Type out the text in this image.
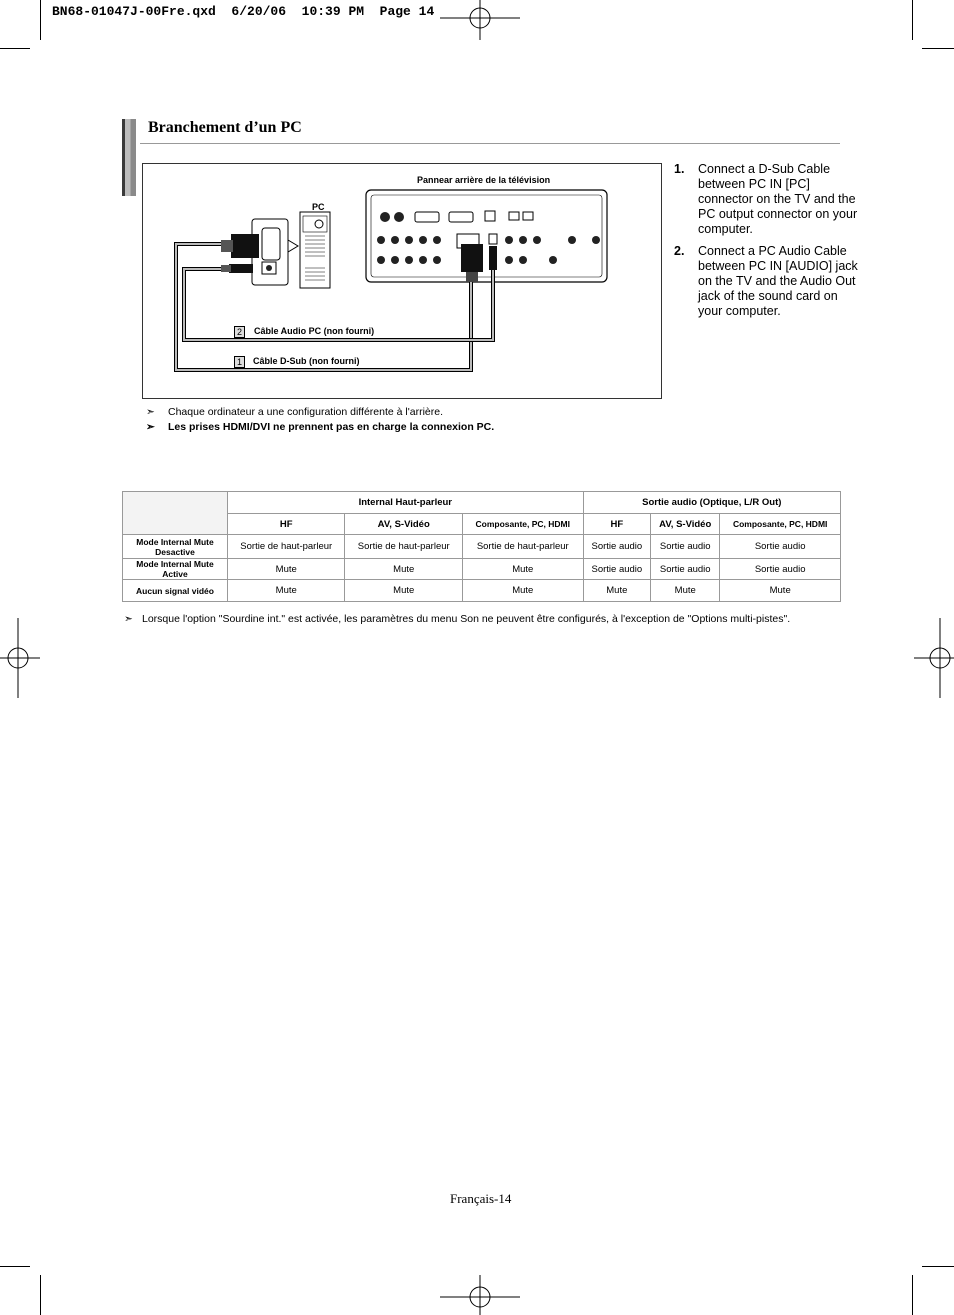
BN68-01047J-00Fre.qxd  6/20/06  10:39 PM  Page 14
Branchement d’un PC
Pannear arrière de la télévision
PC
2	Câble Audio PC (non fourni)
1	Câble D-Sub (non fourni)
1.	Connect a D-Sub Cable between PC IN [PC] connector on the TV and the PC output connector on your computer.
2.	Connect a PC Audio Cable between PC IN [AUDIO] jack on the TV and the Audio Out jack of the sound card on your computer.
➣	Chaque ordinateur a une configuration différente à l'arrière.
➣	Les prises HDMI/DVI ne prennent pas en charge la connexion PC.
	Internal Haut-parleur			Sortie audio (Optique, L/R Out)		
	HF	AV, S-Vidéo	Composante, PC, HDMI	HF	AV, S-Vidéo	Composante, PC, HDMI
Mode Internal Mute Desactive	Sortie de haut-parleur	Sortie de haut-parleur	Sortie de haut-parleur	Sortie audio	Sortie audio	Sortie audio
Mode Internal Mute Active	Mute	Mute	Mute	Sortie audio	Sortie audio	Sortie audio
Aucun signal vidéo	Mute	Mute	Mute	Mute	Mute	Mute
➣ Lorsque l'option "Sourdine int." est activée, les paramètres du menu Son ne peuvent être configurés, à l'exception de "Options multi-pistes".
Français-14
